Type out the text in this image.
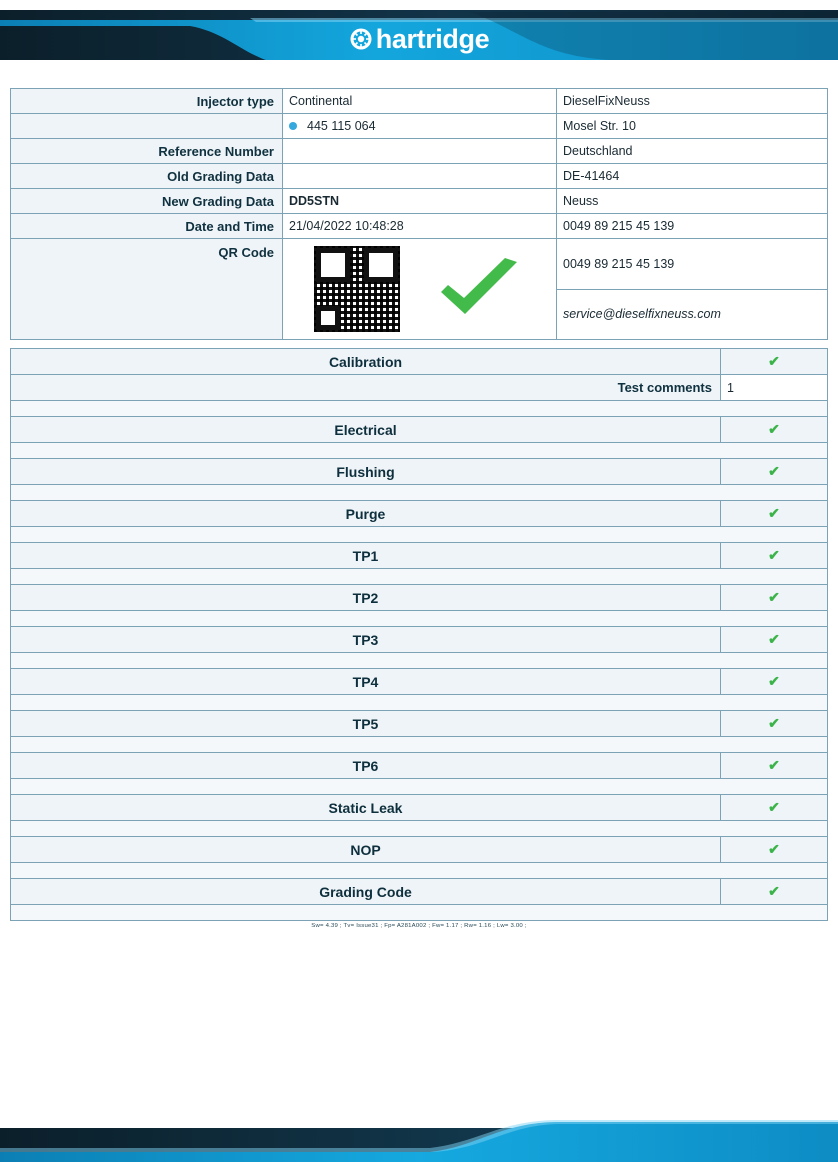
hartridge
Injector type	Continental	DieselFixNeuss

	445 115 064	Mosel Str. 10
Reference Number		Deutschland
Old Grading Data		DE-41464
New Grading Data	DD5STN	Neuss
Date and Time	21/04/2022 10:48:28	0049 89 215 45 139
QR Code		0049 89 215 45 139
		service@dieselfixneuss.com
Calibration	✔
Test comments	1

Electrical	✔

Flushing	✔

Purge	✔

TP1	✔

TP2	✔

TP3	✔

TP4	✔

TP5	✔

TP6	✔

Static Leak	✔

NOP	✔

Grading Code	✔

Sw= 4.39 ; Tv= Issue31 ; Fp= A281A002 ; Fw= 1.17 ; Rw= 1.16 ; Lw= 3.00 ;
